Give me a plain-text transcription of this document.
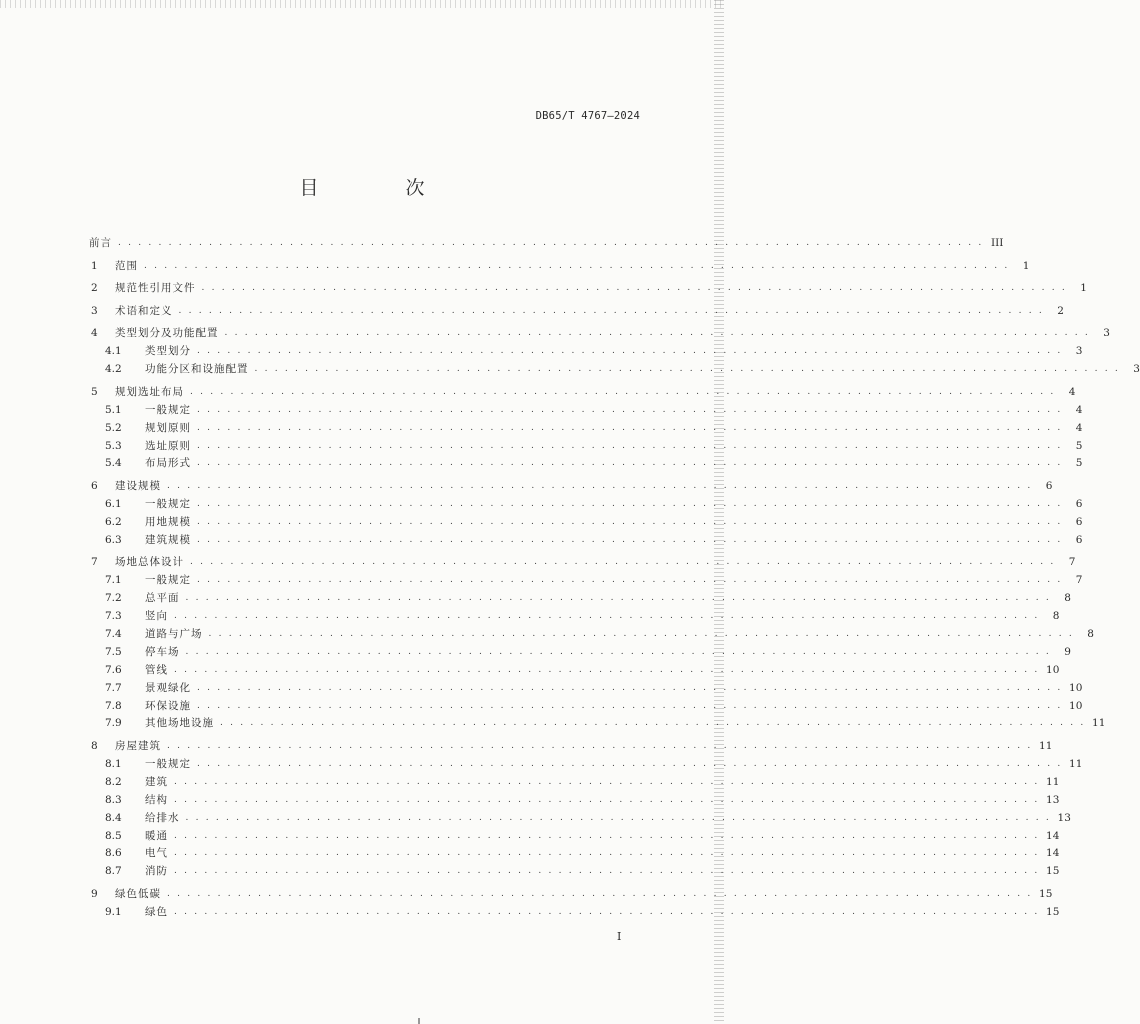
DB65/T 4767—2024
目　次
前言 . . . . . . . . . . . . . . . . . . . . . . . . . . . . . . . . . . . . . . . . . . . . . . . . . . . . . . . . . . . . . . . . . . . . . . . . . . . . . . . . . . . . . . III
1	范围 . . . . . . . . . . . . . . . . . . . . . . . . . . . . . . . . . . . . . . . . . . . . . . . . . . . . . . . . . . . . . . . . . . . . . . . . . . . . . . . . . . . . . .	1
2	规范性引用文件 . . . . . . . . . . . . . . . . . . . . . . . . . . . . . . . . . . . . . . . . . . . . . . . . . . . . . . . . . . . . . . . . . . . . . . . . . . . . . . . . . . . . . .	1
3	术语和定义 . . . . . . . . . . . . . . . . . . . . . . . . . . . . . . . . . . . . . . . . . . . . . . . . . . . . . . . . . . . . . . . . . . . . . . . . . . . . . . . . . . . . . .	2
4	类型划分及功能配置 . . . . . . . . . . . . . . . . . . . . . . . . . . . . . . . . . . . . . . . . . . . . . . . . . . . . . . . . . . . . . . . . . . . . . . . . . . . . . . . . . . . . . .	3
4.1	类型划分 . . . . . . . . . . . . . . . . . . . . . . . . . . . . . . . . . . . . . . . . . . . . . . . . . . . . . . . . . . . . . . . . . . . . . . . . . . . . . . . . . . . . . .	3
4.2	功能分区和设施配置 . . . . . . . . . . . . . . . . . . . . . . . . . . . . . . . . . . . . . . . . . . . . . . . . . . . . . . . . . . . . . . . . . . . . . . . . . . . . . . . . . . . . . .	3
5	规划选址布局 . . . . . . . . . . . . . . . . . . . . . . . . . . . . . . . . . . . . . . . . . . . . . . . . . . . . . . . . . . . . . . . . . . . . . . . . . . . . . . . . . . . . . .	4
5.1	一般规定 . . . . . . . . . . . . . . . . . . . . . . . . . . . . . . . . . . . . . . . . . . . . . . . . . . . . . . . . . . . . . . . . . . . . . . . . . . . . . . . . . . . . . .	4
5.2	规划原则 . . . . . . . . . . . . . . . . . . . . . . . . . . . . . . . . . . . . . . . . . . . . . . . . . . . . . . . . . . . . . . . . . . . . . . . . . . . . . . . . . . . . . .	4
5.3	选址原则 . . . . . . . . . . . . . . . . . . . . . . . . . . . . . . . . . . . . . . . . . . . . . . . . . . . . . . . . . . . . . . . . . . . . . . . . . . . . . . . . . . . . . .	5
5.4	布局形式 . . . . . . . . . . . . . . . . . . . . . . . . . . . . . . . . . . . . . . . . . . . . . . . . . . . . . . . . . . . . . . . . . . . . . . . . . . . . . . . . . . . . . .	5
6	建设规模 . . . . . . . . . . . . . . . . . . . . . . . . . . . . . . . . . . . . . . . . . . . . . . . . . . . . . . . . . . . . . . . . . . . . . . . . . . . . . . . . . . . . . .	6
6.1	一般规定 . . . . . . . . . . . . . . . . . . . . . . . . . . . . . . . . . . . . . . . . . . . . . . . . . . . . . . . . . . . . . . . . . . . . . . . . . . . . . . . . . . . . . .	6
6.2	用地规模 . . . . . . . . . . . . . . . . . . . . . . . . . . . . . . . . . . . . . . . . . . . . . . . . . . . . . . . . . . . . . . . . . . . . . . . . . . . . . . . . . . . . . .	6
6.3	建筑规模 . . . . . . . . . . . . . . . . . . . . . . . . . . . . . . . . . . . . . . . . . . . . . . . . . . . . . . . . . . . . . . . . . . . . . . . . . . . . . . . . . . . . . .	6
7	场地总体设计 . . . . . . . . . . . . . . . . . . . . . . . . . . . . . . . . . . . . . . . . . . . . . . . . . . . . . . . . . . . . . . . . . . . . . . . . . . . . . . . . . . . . . .	7
7.1	一般规定 . . . . . . . . . . . . . . . . . . . . . . . . . . . . . . . . . . . . . . . . . . . . . . . . . . . . . . . . . . . . . . . . . . . . . . . . . . . . . . . . . . . . . .	7
7.2	总平面 . . . . . . . . . . . . . . . . . . . . . . . . . . . . . . . . . . . . . . . . . . . . . . . . . . . . . . . . . . . . . . . . . . . . . . . . . . . . . . . . . . . . . .	8
7.3	竖向 . . . . . . . . . . . . . . . . . . . . . . . . . . . . . . . . . . . . . . . . . . . . . . . . . . . . . . . . . . . . . . . . . . . . . . . . . . . . . . . . . . . . . .	8
7.4	道路与广场 . . . . . . . . . . . . . . . . . . . . . . . . . . . . . . . . . . . . . . . . . . . . . . . . . . . . . . . . . . . . . . . . . . . . . . . . . . . . . . . . . . . . . .	8
7.5	停车场 . . . . . . . . . . . . . . . . . . . . . . . . . . . . . . . . . . . . . . . . . . . . . . . . . . . . . . . . . . . . . . . . . . . . . . . . . . . . . . . . . . . . . .	9
7.6	管线 . . . . . . . . . . . . . . . . . . . . . . . . . . . . . . . . . . . . . . . . . . . . . . . . . . . . . . . . . . . . . . . . . . . . . . . . . . . . . . . . . . . . . . 10
7.7	景观绿化 . . . . . . . . . . . . . . . . . . . . . . . . . . . . . . . . . . . . . . . . . . . . . . . . . . . . . . . . . . . . . . . . . . . . . . . . . . . . . . . . . . . . . . 10
7.8	环保设施 . . . . . . . . . . . . . . . . . . . . . . . . . . . . . . . . . . . . . . . . . . . . . . . . . . . . . . . . . . . . . . . . . . . . . . . . . . . . . . . . . . . . . . 10
7.9	其他场地设施 . . . . . . . . . . . . . . . . . . . . . . . . . . . . . . . . . . . . . . . . . . . . . . . . . . . . . . . . . . . . . . . . . . . . . . . . . . . . . . . . . . . . . . 11
8	房屋建筑 . . . . . . . . . . . . . . . . . . . . . . . . . . . . . . . . . . . . . . . . . . . . . . . . . . . . . . . . . . . . . . . . . . . . . . . . . . . . . . . . . . . . . . 11
8.1	一般规定 . . . . . . . . . . . . . . . . . . . . . . . . . . . . . . . . . . . . . . . . . . . . . . . . . . . . . . . . . . . . . . . . . . . . . . . . . . . . . . . . . . . . . . 11
8.2	建筑 . . . . . . . . . . . . . . . . . . . . . . . . . . . . . . . . . . . . . . . . . . . . . . . . . . . . . . . . . . . . . . . . . . . . . . . . . . . . . . . . . . . . . . 11
8.3	结构 . . . . . . . . . . . . . . . . . . . . . . . . . . . . . . . . . . . . . . . . . . . . . . . . . . . . . . . . . . . . . . . . . . . . . . . . . . . . . . . . . . . . . . 13
8.4	给排水 . . . . . . . . . . . . . . . . . . . . . . . . . . . . . . . . . . . . . . . . . . . . . . . . . . . . . . . . . . . . . . . . . . . . . . . . . . . . . . . . . . . . . . 13
8.5	暖通 . . . . . . . . . . . . . . . . . . . . . . . . . . . . . . . . . . . . . . . . . . . . . . . . . . . . . . . . . . . . . . . . . . . . . . . . . . . . . . . . . . . . . . 14
8.6	电气 . . . . . . . . . . . . . . . . . . . . . . . . . . . . . . . . . . . . . . . . . . . . . . . . . . . . . . . . . . . . . . . . . . . . . . . . . . . . . . . . . . . . . . 14
8.7	消防 . . . . . . . . . . . . . . . . . . . . . . . . . . . . . . . . . . . . . . . . . . . . . . . . . . . . . . . . . . . . . . . . . . . . . . . . . . . . . . . . . . . . . . 15
9	绿色低碳 . . . . . . . . . . . . . . . . . . . . . . . . . . . . . . . . . . . . . . . . . . . . . . . . . . . . . . . . . . . . . . . . . . . . . . . . . . . . . . . . . . . . . . 15
9.1	绿色 . . . . . . . . . . . . . . . . . . . . . . . . . . . . . . . . . . . . . . . . . . . . . . . . . . . . . . . . . . . . . . . . . . . . . . . . . . . . . . . . . . . . . . 15
I
